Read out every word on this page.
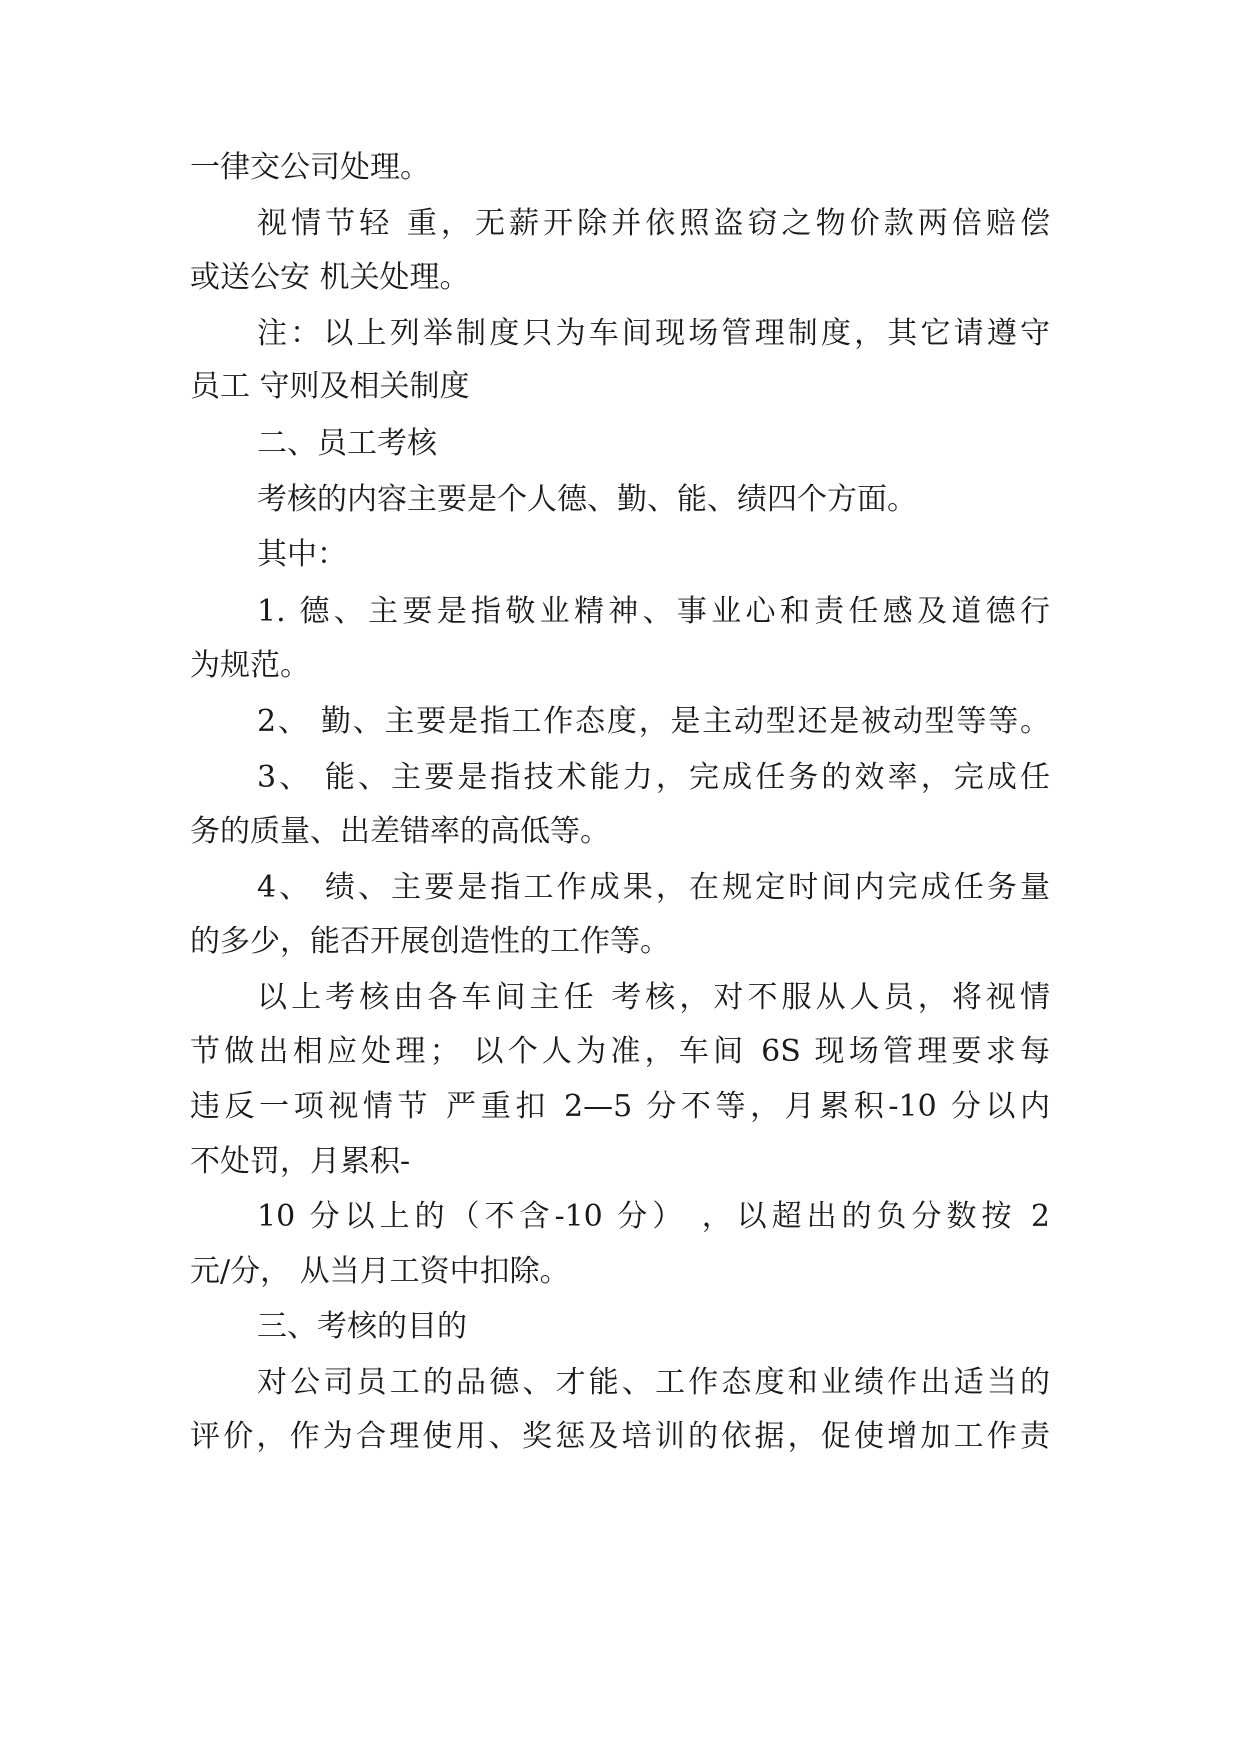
一律交公司处理。
视情节轻 重，无薪开除并依照盗窃之物价款两倍赔偿
或送公安 机关处理。
注：以上列举制度只为车间现场管理制度，其它请遵守
员工 守则及相关制度
二、员工考核
考核的内容主要是个人德、勤、能、绩四个方面。
其中：
1. 德、主要是指敬业精神、事业心和责任感及道德行
为规范。
2、 勤、主要是指工作态度，是主动型还是被动型等等。
3、 能、主要是指技术能力，完成任务的效率，完成任
务的质量、出差错率的高低等。
4、 绩、主要是指工作成果，在规定时间内完成任务量
的多少，能否开展创造性的工作等。
以上考核由各车间主任 考核，对不服从人员，将视情
节做出相应处理； 以个人为准，车间 6S 现场管理要求每
违反一项视情节 严重扣 2—5 分不等，月累积-10 分以内
不处罚，月累积-
10 分以上的（不含-10 分） ，以超出的负分数按 2
元/分， 从当月工资中扣除。
三、考核的目的
对公司员工的品德、才能、工作态度和业绩作出适当的
评价，作为合理使用、奖惩及培训的依据，促使增加工作责
